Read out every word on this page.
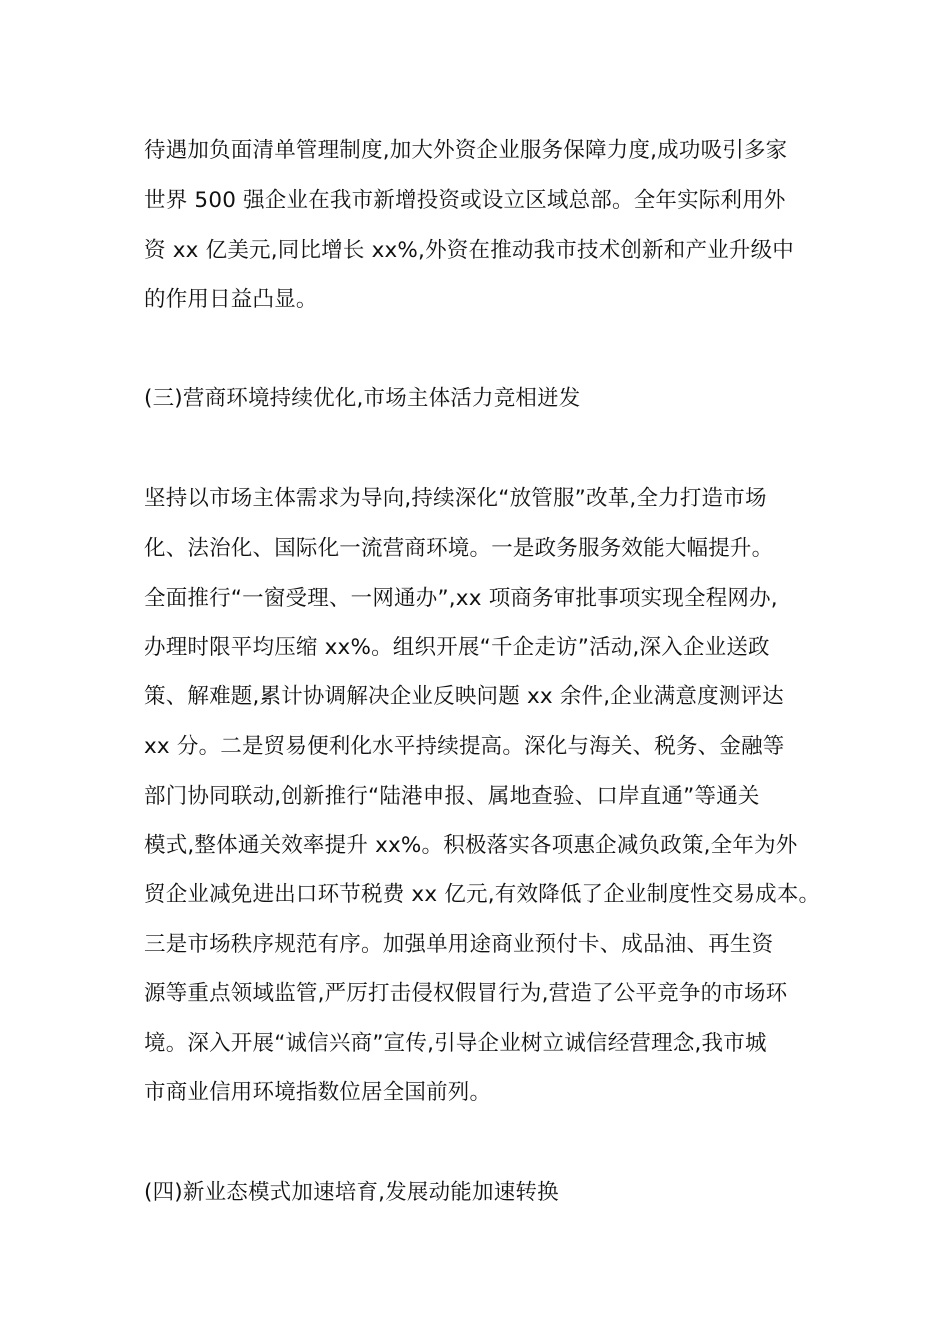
待遇加负面清单管理制度,加大外资企业服务保障力度,成功吸引多家
世界 500 强企业在我市新增投资或设立区域总部。全年实际利用外
资 xx 亿美元,同比增长 xx%,外资在推动我市技术创新和产业升级中
的作用日益凸显。
(三)营商环境持续优化,市场主体活力竞相迸发
坚持以市场主体需求为导向,持续深化“放管服”改革,全力打造市场
化、法治化、国际化一流营商环境。一是政务服务效能大幅提升。
全面推行“一窗受理、一网通办”,xx 项商务审批事项实现全程网办,
办理时限平均压缩 xx%。组织开展“千企走访”活动,深入企业送政
策、解难题,累计协调解决企业反映问题 xx 余件,企业满意度测评达
xx 分。二是贸易便利化水平持续提高。深化与海关、税务、金融等
部门协同联动,创新推行“陆港申报、属地查验、口岸直通”等通关
模式,整体通关效率提升 xx%。积极落实各项惠企减负政策,全年为外
贸企业减免进出口环节税费 xx 亿元,有效降低了企业制度性交易成本。
三是市场秩序规范有序。加强单用途商业预付卡、成品油、再生资
源等重点领域监管,严厉打击侵权假冒行为,营造了公平竞争的市场环
境。深入开展“诚信兴商”宣传,引导企业树立诚信经营理念,我市城
市商业信用环境指数位居全国前列。
(四)新业态模式加速培育,发展动能加速转换
